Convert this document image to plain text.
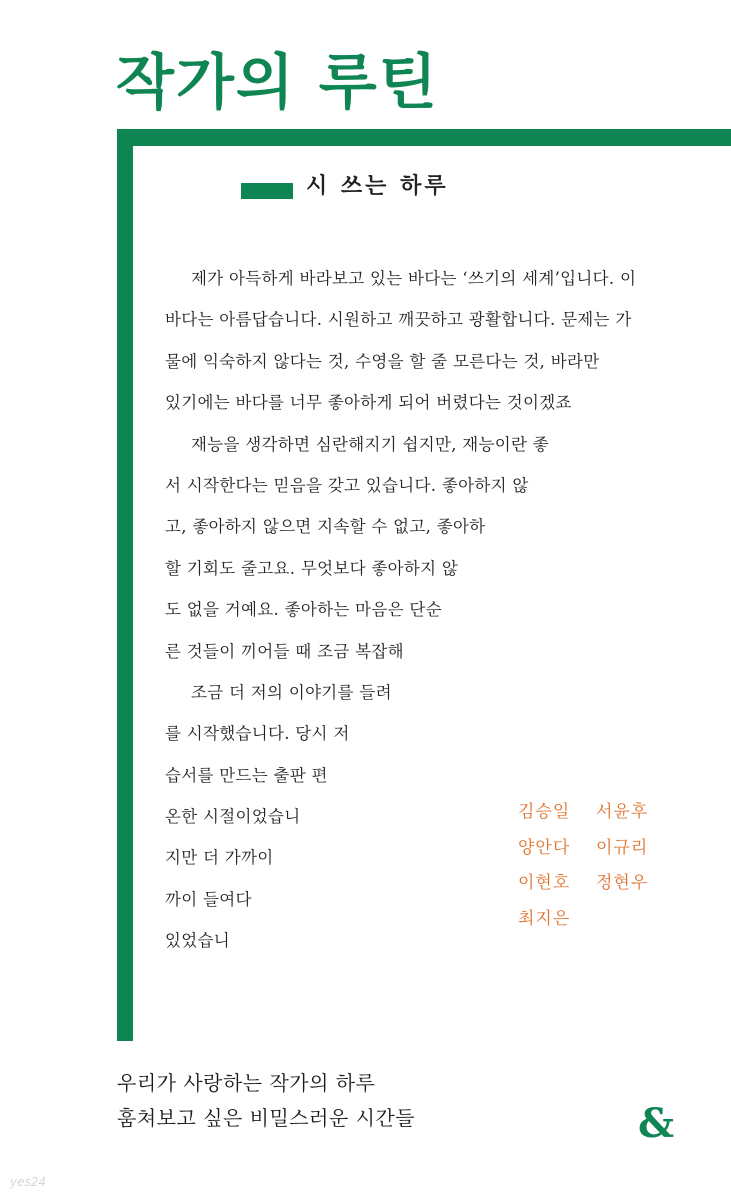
작가의 루틴
시 쓰는 하루
제가 아득하게 바라보고 있는 바다는 ‘쓰기의 세계’입니다. 이
바다는 아름답습니다. 시원하고 깨끗하고 광활합니다. 문제는 가
물에 익숙하지 않다는 것, 수영을 할 줄 모른다는 것, 바라만
있기에는 바다를 너무 좋아하게 되어 버렸다는 것이겠죠
재능을 생각하면 심란해지기 쉽지만, 재능이란 좋
서 시작한다는 믿음을 갖고 있습니다. 좋아하지 않
고, 좋아하지 않으면 지속할 수 없고, 좋아하
할 기회도 줄고요. 무엇보다 좋아하지 않
도 없을 거예요. 좋아하는 마음은 단순
른 것들이 끼어들 때 조금 복잡해
조금 더 저의 이야기를 들려
를 시작했습니다. 당시 저
습서를 만드는 출판 편
온한 시절이었습니
지만 더 가까이
까이 들여다
있었습니
김승일	서윤후
양안다	이규리
이현호	정현우
최지은
우리가 사랑하는 작가의 하루
훔쳐보고 싶은 비밀스러운 시간들	&
yes24
